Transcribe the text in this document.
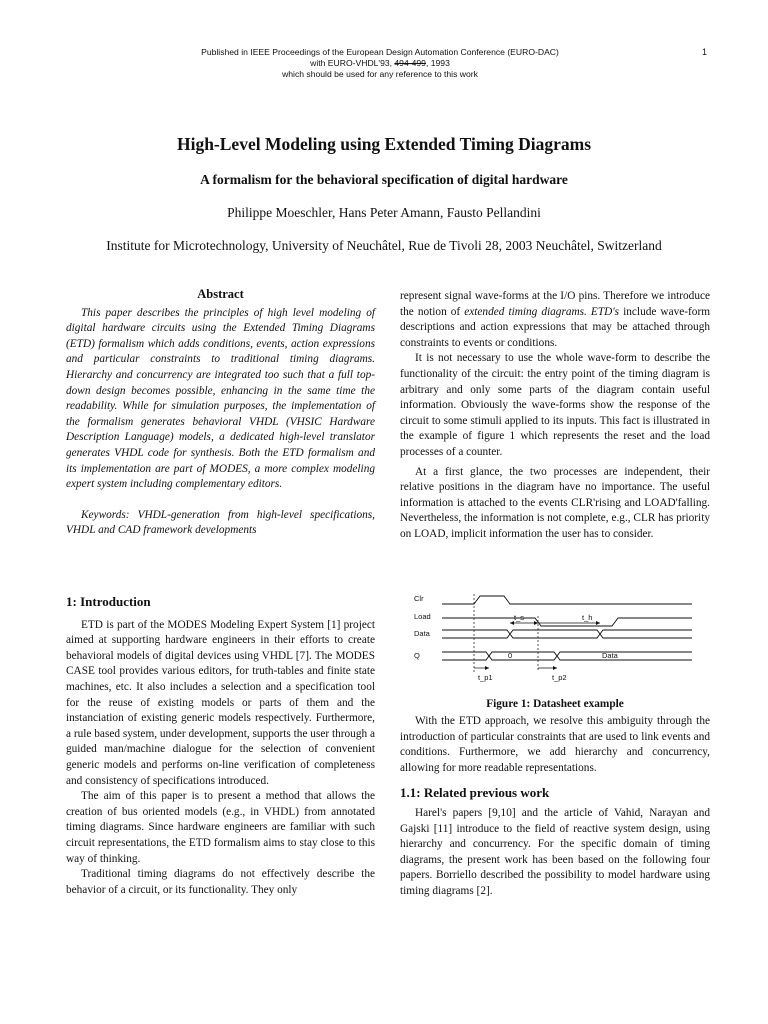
Published in IEEE Proceedings of the European Design Automation Conference (EURO-DAC)
with EURO-VHDL'93, 494-499, 1993
which should be used for any reference to this work
1
High-Level Modeling using Extended Timing Diagrams
A formalism for the behavioral specification of digital hardware
Philippe Moeschler, Hans Peter Amann, Fausto Pellandini
Institute for Microtechnology, University of Neuchâtel, Rue de Tivoli 28, 2003 Neuchâtel, Switzerland
Abstract

This paper describes the principles of high level modeling of digital hardware circuits using the Extended Timing Diagrams (ETD) formalism which adds conditions, events, action expressions and particular constraints to traditional timing diagrams. Hierarchy and concurrency are integrated too such that a full top-down design becomes possible, enhancing in the same time the readability. While for simulation purposes, the implementation of the formalism generates behavioral VHDL (VHSIC Hardware Description Language) models, a dedicated high-level translator generates VHDL code for synthesis. Both the ETD formalism and its implementation are part of MODES, a more complex modeling expert system including complementary editors.

Keywords: VHDL-generation from high-level specifications, VHDL and CAD framework developments

1: Introduction

ETD is part of the MODES Modeling Expert System [1] project aimed at supporting hardware engineers in their efforts to create behavioral models of digital devices using VHDL [7]. The MODES CASE tool provides various editors, for truth-tables and finite state machines, etc. It also includes a selection and a specification tool for the reuse of existing models or parts of them and the instanciation of existing generic models respectively. Furthermore, a rule based system, under development, supports the user through a guided man/machine dialogue for the selection of convenient generic models and performs on-line verification of completeness and consistency of specifications introduced.

The aim of this paper is to present a method that allows the creation of bus oriented models (e.g., in VHDL) from annotated timing diagrams. Since hardware engineers are familiar with such circuit representations, the ETD formalism aims to stay close to this way of thinking.

Traditional timing diagrams do not effectively describe the behavior of a circuit, or its functionality. They only

represent signal wave-forms at the I/O pins. Therefore we introduce the notion of extended timing diagrams. ETD's include wave-form descriptions and action expressions that may be attached through constraints to events or conditions.

It is not necessary to use the whole wave-form to describe the functionality of the circuit: the entry point of the timing diagram is arbitrary and only some parts of the diagram contain useful information. Obviously the wave-forms show the response of the circuit to some stimuli applied to its inputs. This fact is illustrated in the example of figure 1 which represents the reset and the load processes of a counter.

At a first glance, the two processes are independent, their relative positions in the diagram have no importance. The useful information is attached to the events CLR'rising and LOAD'falling. Nevertheless, the information is not complete, e.g., CLR has priority on LOAD, implicit information the user has to consider.

Clr
Load
Data
Q
t_s	t_h
0	Data
t_p1	t_p2
Figure 1: Datasheet example

With the ETD approach, we resolve this ambiguity through the introduction of particular constraints that are used to link events and conditions. Furthermore, we add hierarchy and concurrency, allowing for more readable representations.

1.1: Related previous work

Harel's papers [9,10] and the article of Vahid, Narayan and Gajski [11] introduce to the field of reactive system design, using hierarchy and concurrency. For the specific domain of timing diagrams, the present work has been based on the following four papers. Borriello described the possibility to model hardware using timing diagrams [2].
